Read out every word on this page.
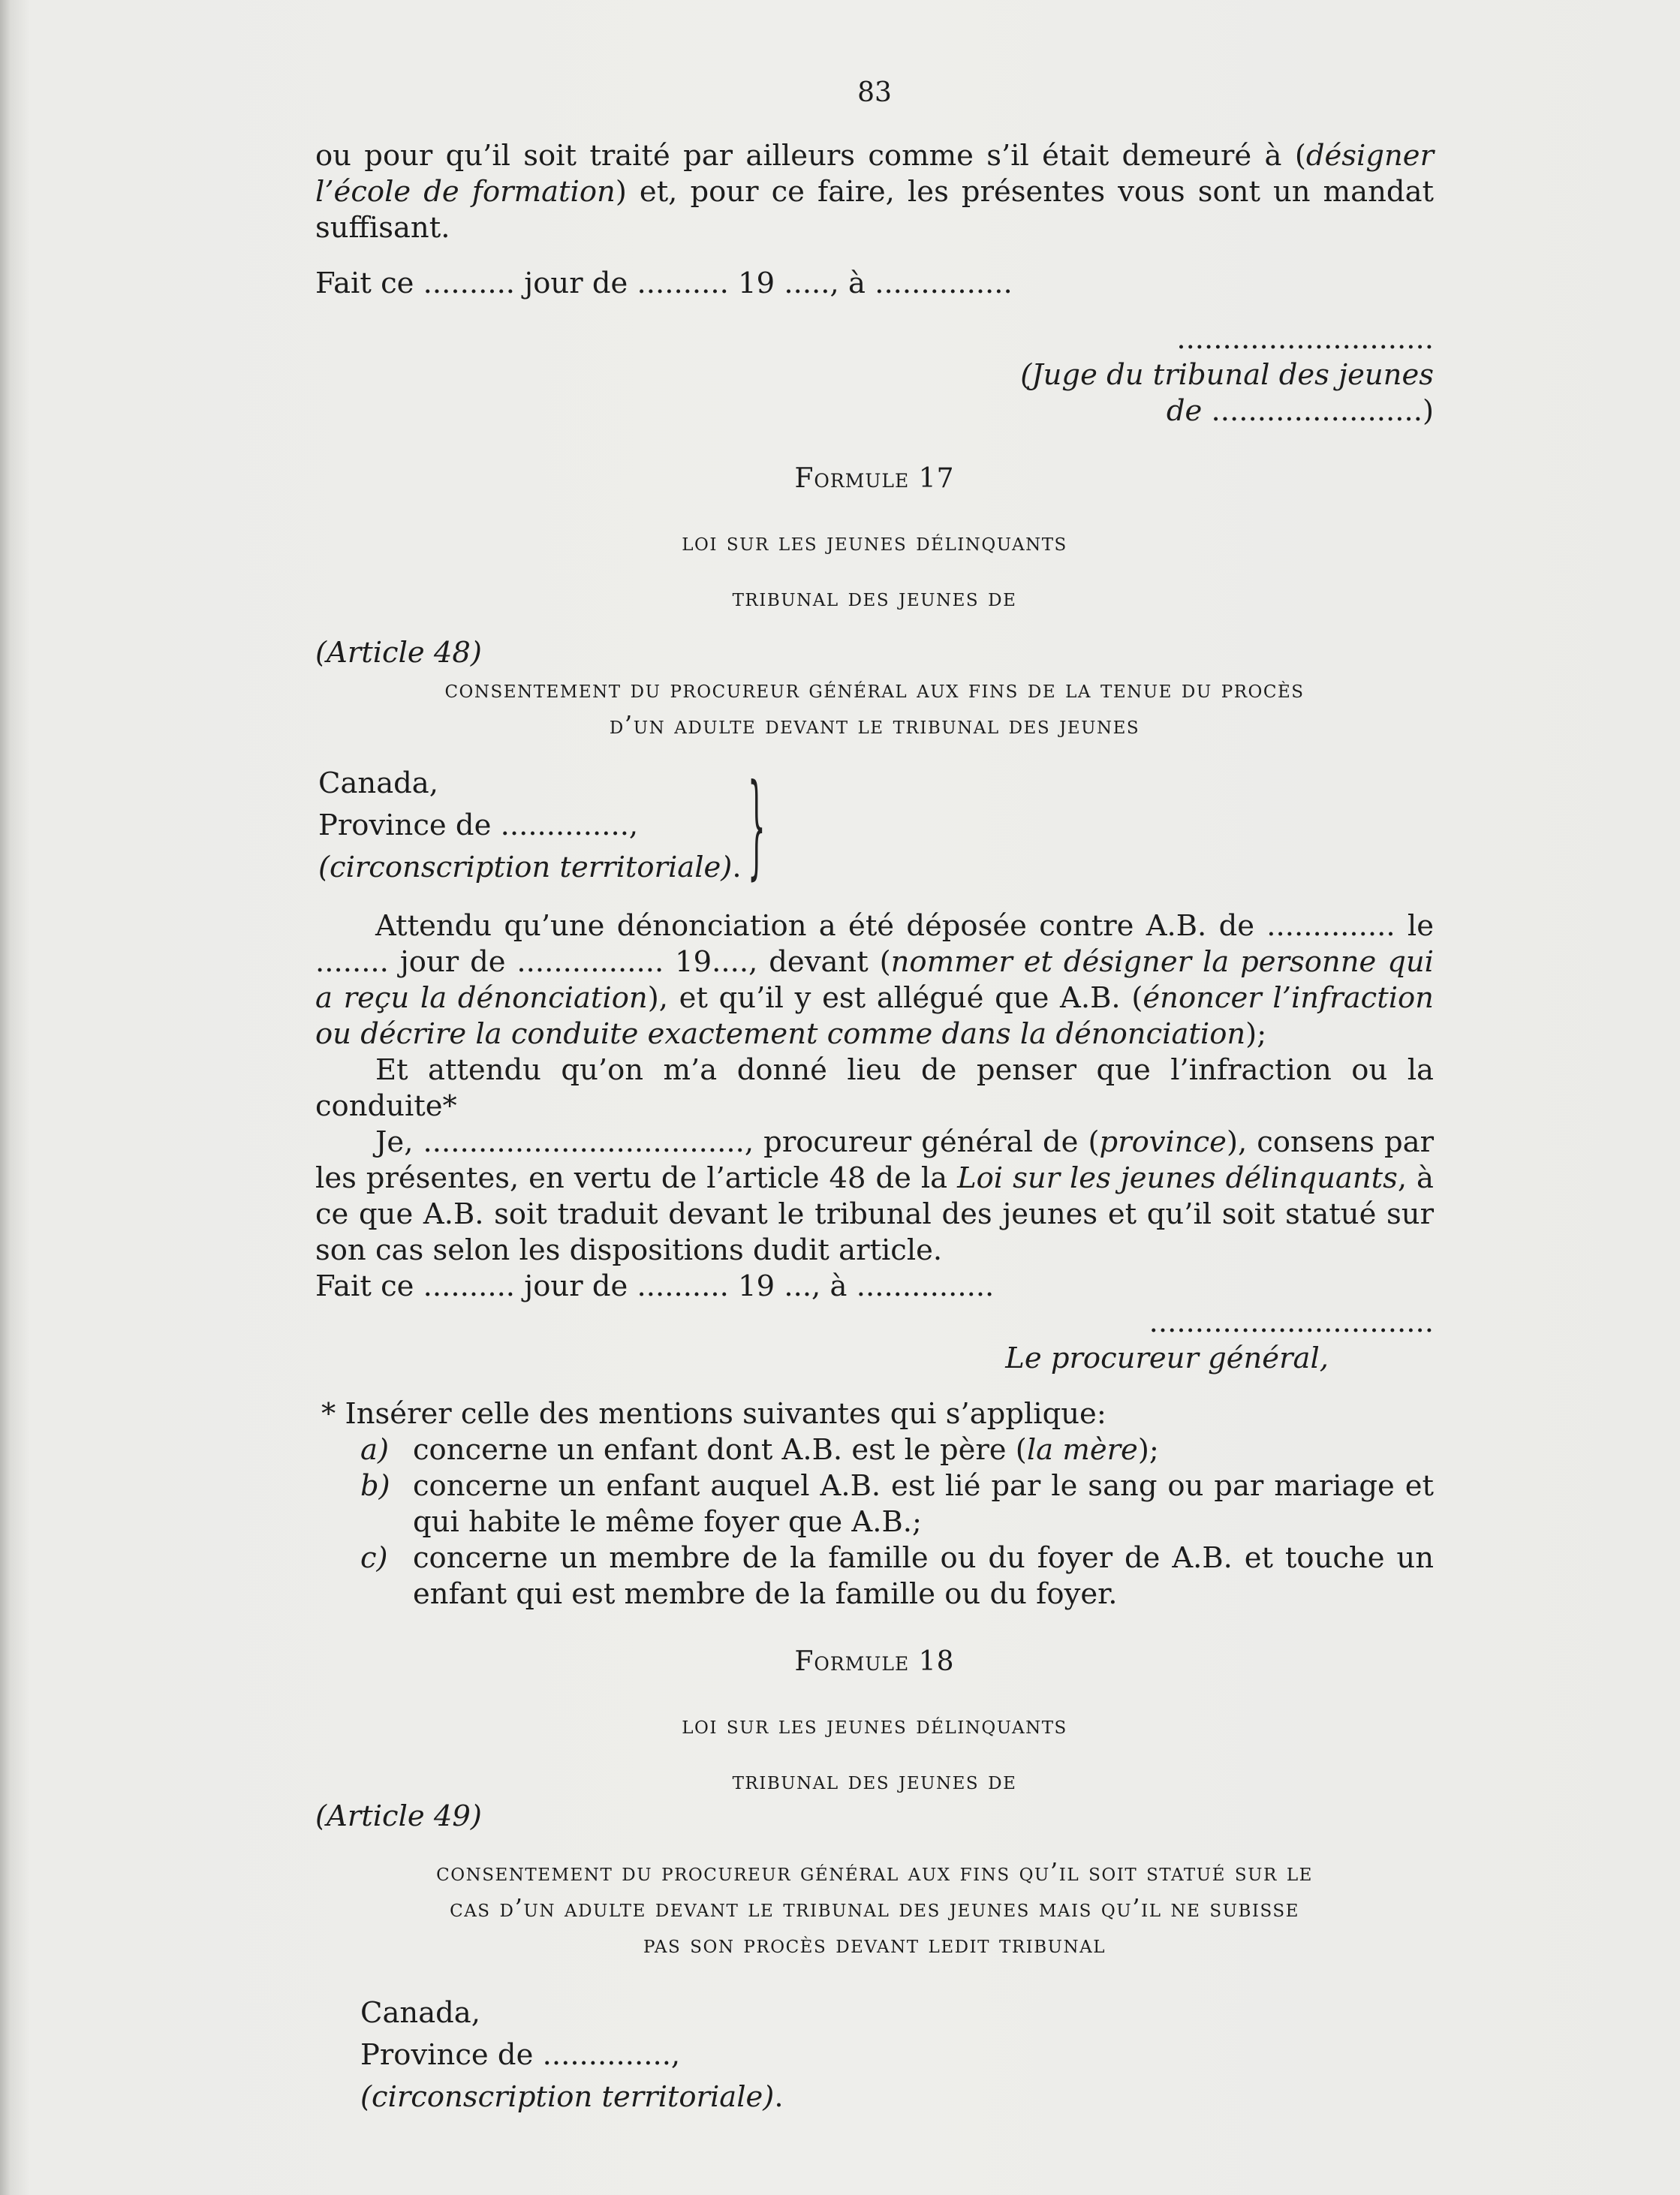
83

ou pour qu’il soit traité par ailleurs comme s’il était demeuré à (désigner l’école de formation) et, pour ce faire, les présentes vous sont un mandat suffisant.

Fait ce .......... jour de .......... 19 ....., à ...............

............................

(Juge du tribunal des jeunes

de .......................)

Formule 17
loi sur les jeunes délinquants
tribunal des jeunes de

(Article 48)

consentement du procureur général aux fins de la tenue du procès
d’un adulte devant le tribunal des jeunes
Canada,
Province de ..............,
(circonscription territoriale). }

Attendu qu’une dénonciation a été déposée contre A.B. de .............. le ........ jour de ................ 19...., devant (nommer et désigner la personne qui a reçu la dénonciation), et qu’il y est allégué que A.B. (énoncer l’infraction ou décrire la conduite exactement comme dans la dénonciation);

Et attendu qu’on m’a donné lieu de penser que l’infraction ou la conduite*

Je, ..................................., procureur général de (province), consens par les présentes, en vertu de l’article 48 de la Loi sur les jeunes délinquants, à ce que A.B. soit traduit devant le tribunal des jeunes et qu’il soit statué sur son cas selon les dispositions dudit article.

Fait ce .......... jour de .......... 19 ..., à ...............

...............................

Le procureur général,

* Insérer celle des mentions suivantes qui s’applique:

a) concerne un enfant dont A.B. est le père (la mère);
b) concerne un enfant auquel A.B. est lié par le sang ou par mariage et qui habite le même foyer que A.B.;
c) concerne un membre de la famille ou du foyer de A.B. et touche un enfant qui est membre de la famille ou du foyer.
Formule 18
loi sur les jeunes délinquants
tribunal des jeunes de

(Article 49)

consentement du procureur général aux fins qu’il soit statué sur le
cas d’un adulte devant le tribunal des jeunes mais qu’il ne subisse
pas son procès devant ledit tribunal
Canada,
Province de ..............,
(circonscription territoriale).
